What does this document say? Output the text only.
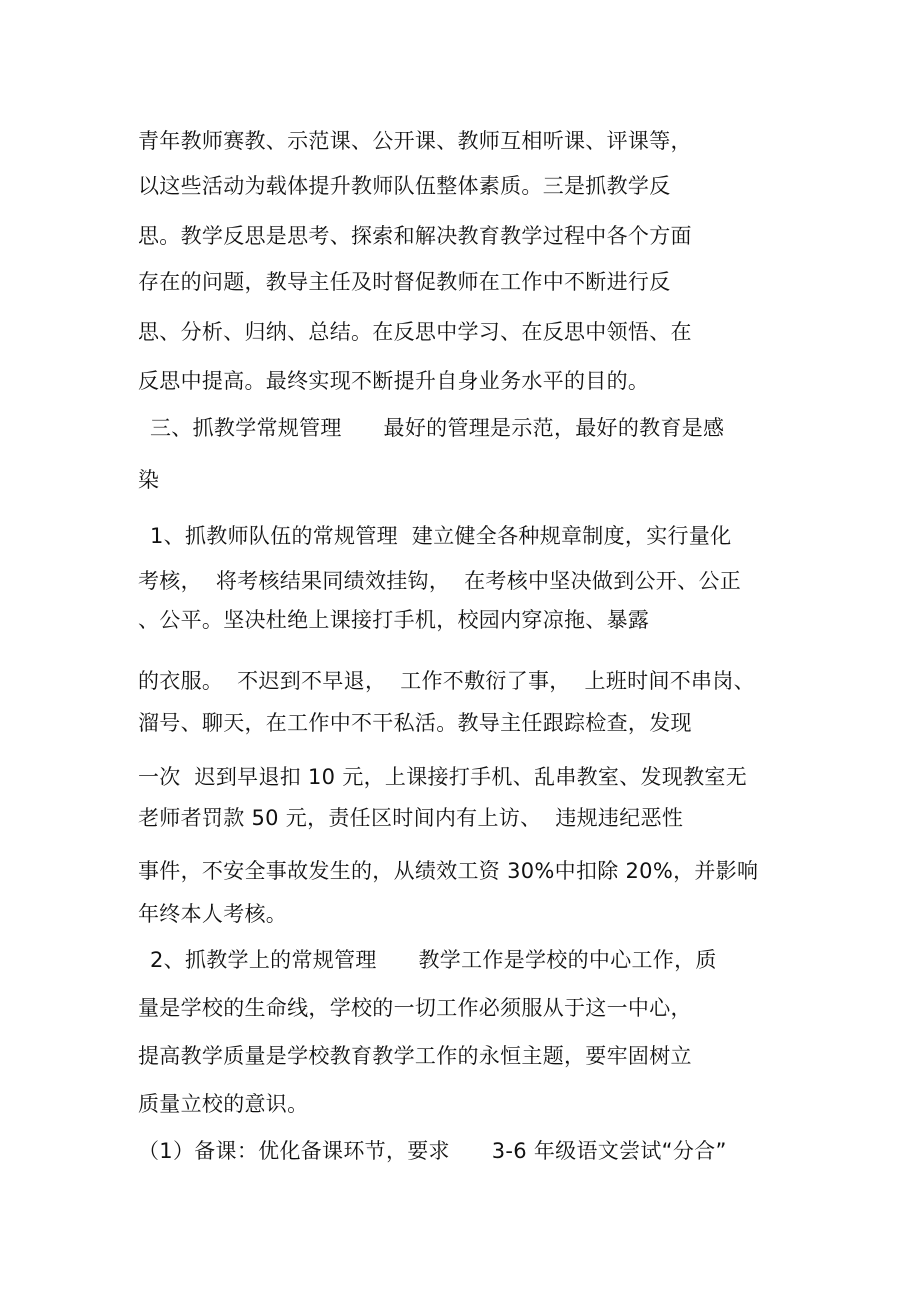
青年教师赛教、示范课、公开课、教师互相听课、评课等，
以这些活动为载体提升教师队伍整体素质。三是抓教学反
思。教学反思是思考、探索和解决教育教学过程中各个方面
存在的问题，教导主任及时督促教师在工作中不断进行反
思、分析、归纳、总结。在反思中学习、在反思中领悟、在
反思中提高。最终实现不断提升自身业务水平的目的。
三、抓教学常规管理      最好的管理是示范，最好的教育是感
染
1、抓教师队伍的常规管理  建立健全各种规章制度，实行量化
考核，  将考核结果同绩效挂钩，  在考核中坚决做到公开、公正
、公平。坚决杜绝上课接打手机，校园内穿凉拖、暴露
的衣服。  不迟到不早退，  工作不敷衍了事，  上班时间不串岗、
溜号、聊天，在工作中不干私活。教导主任跟踪检查，发现
一次  迟到早退扣 10 元，上课接打手机、乱串教室、发现教室无
老师者罚款 50 元，责任区时间内有上访、  违规违纪恶性
事件，不安全事故发生的，从绩效工资 30%中扣除 20%，并影响
年终本人考核。
2、抓教学上的常规管理      教学工作是学校的中心工作，质
量是学校的生命线，学校的一切工作必须服从于这一中心，
提高教学质量是学校教育教学工作的永恒主题，要牢固树立
质量立校的意识。
（1）备课：优化备课环节，要求      3-6 年级语文尝试“分合”
